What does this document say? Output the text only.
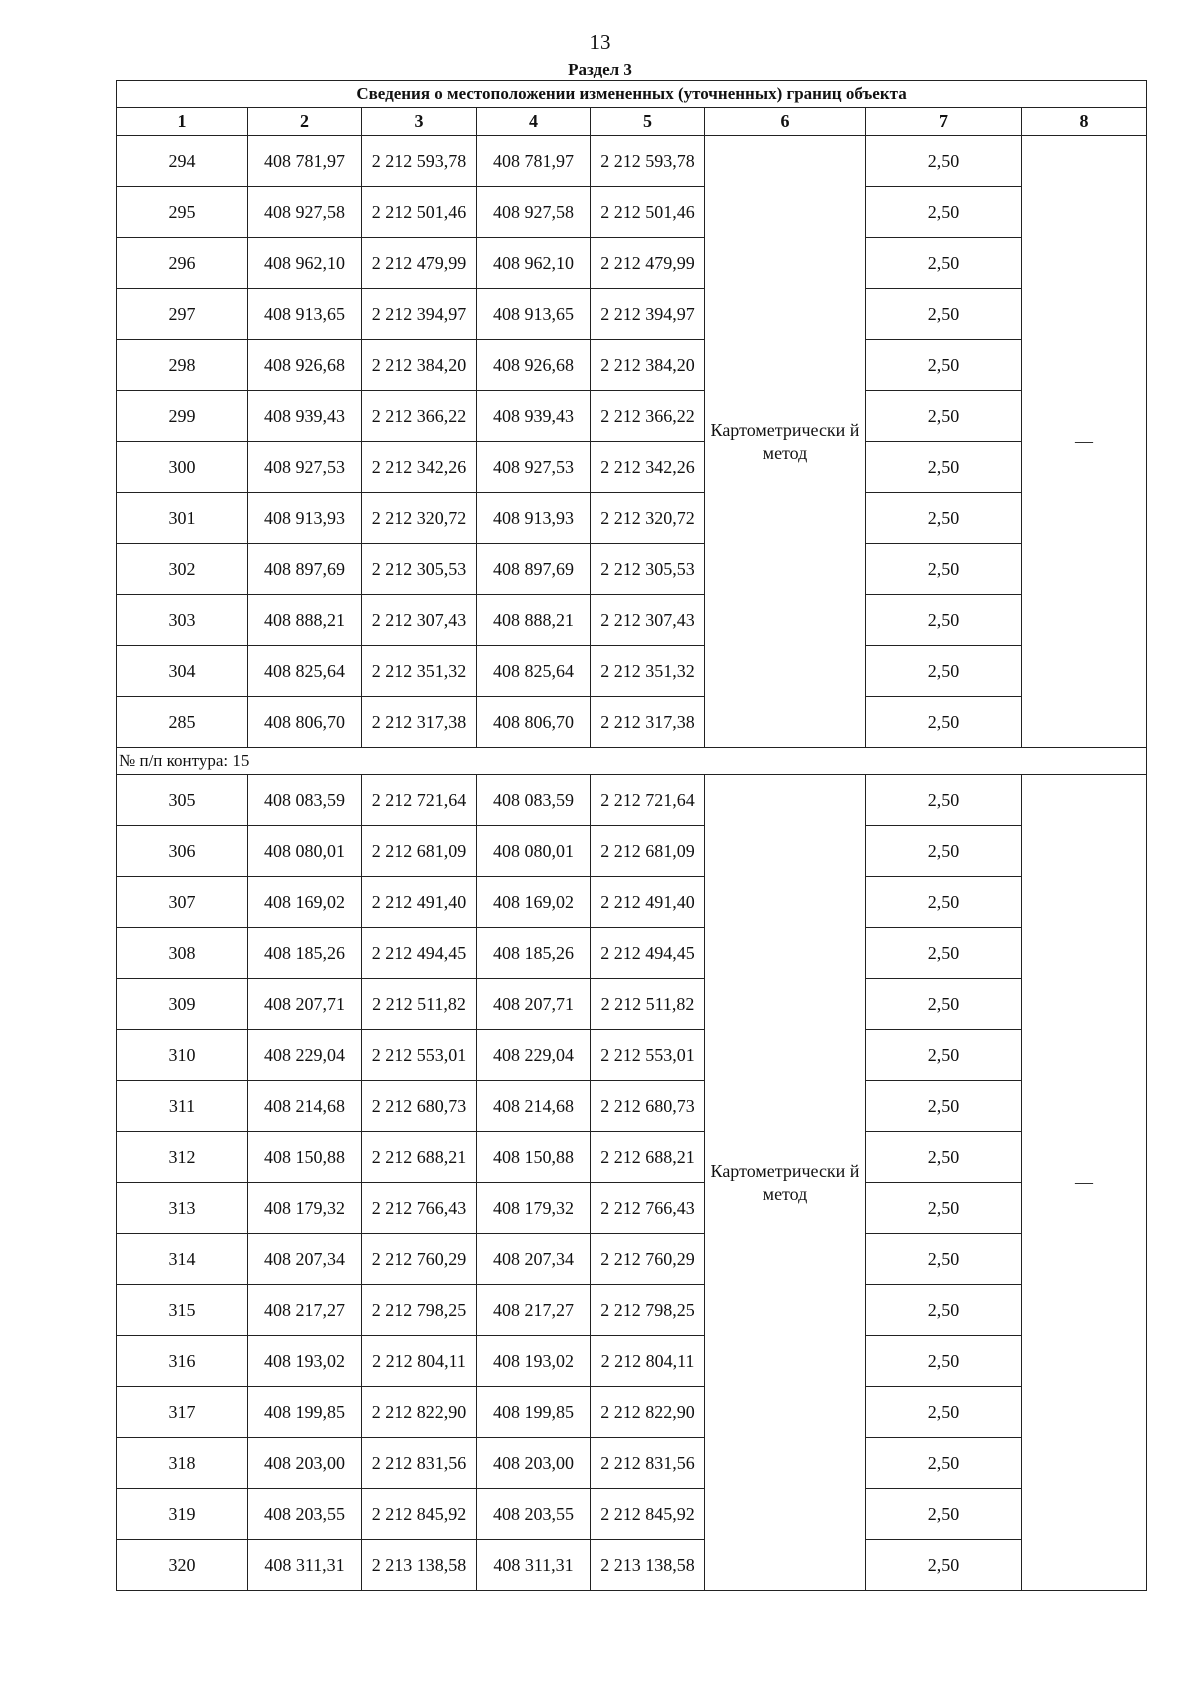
13
Раздел 3
Сведения о местоположении измененных (уточненных) границ объекта							
1	2	3	4	5	6	7	8
294	408 781,97	2 212 593,78	408 781,97	2 212 593,78	Картометрически й метод	2,50	—
295	408 927,58	2 212 501,46	408 927,58	2 212 501,46		2,50	
296	408 962,10	2 212 479,99	408 962,10	2 212 479,99		2,50	
297	408 913,65	2 212 394,97	408 913,65	2 212 394,97		2,50	
298	408 926,68	2 212 384,20	408 926,68	2 212 384,20		2,50	
299	408 939,43	2 212 366,22	408 939,43	2 212 366,22		2,50	
300	408 927,53	2 212 342,26	408 927,53	2 212 342,26		2,50	
301	408 913,93	2 212 320,72	408 913,93	2 212 320,72		2,50	
302	408 897,69	2 212 305,53	408 897,69	2 212 305,53		2,50	
303	408 888,21	2 212 307,43	408 888,21	2 212 307,43		2,50	
304	408 825,64	2 212 351,32	408 825,64	2 212 351,32		2,50	
285	408 806,70	2 212 317,38	408 806,70	2 212 317,38		2,50	
№ п/п контура: 15							
305	408 083,59	2 212 721,64	408 083,59	2 212 721,64	Картометрически й метод	2,50	—
306	408 080,01	2 212 681,09	408 080,01	2 212 681,09		2,50	
307	408 169,02	2 212 491,40	408 169,02	2 212 491,40		2,50	
308	408 185,26	2 212 494,45	408 185,26	2 212 494,45		2,50	
309	408 207,71	2 212 511,82	408 207,71	2 212 511,82		2,50	
310	408 229,04	2 212 553,01	408 229,04	2 212 553,01		2,50	
311	408 214,68	2 212 680,73	408 214,68	2 212 680,73		2,50	
312	408 150,88	2 212 688,21	408 150,88	2 212 688,21		2,50	
313	408 179,32	2 212 766,43	408 179,32	2 212 766,43		2,50	
314	408 207,34	2 212 760,29	408 207,34	2 212 760,29		2,50	
315	408 217,27	2 212 798,25	408 217,27	2 212 798,25		2,50	
316	408 193,02	2 212 804,11	408 193,02	2 212 804,11		2,50	
317	408 199,85	2 212 822,90	408 199,85	2 212 822,90		2,50	
318	408 203,00	2 212 831,56	408 203,00	2 212 831,56		2,50	
319	408 203,55	2 212 845,92	408 203,55	2 212 845,92		2,50	
320	408 311,31	2 213 138,58	408 311,31	2 213 138,58		2,50	
